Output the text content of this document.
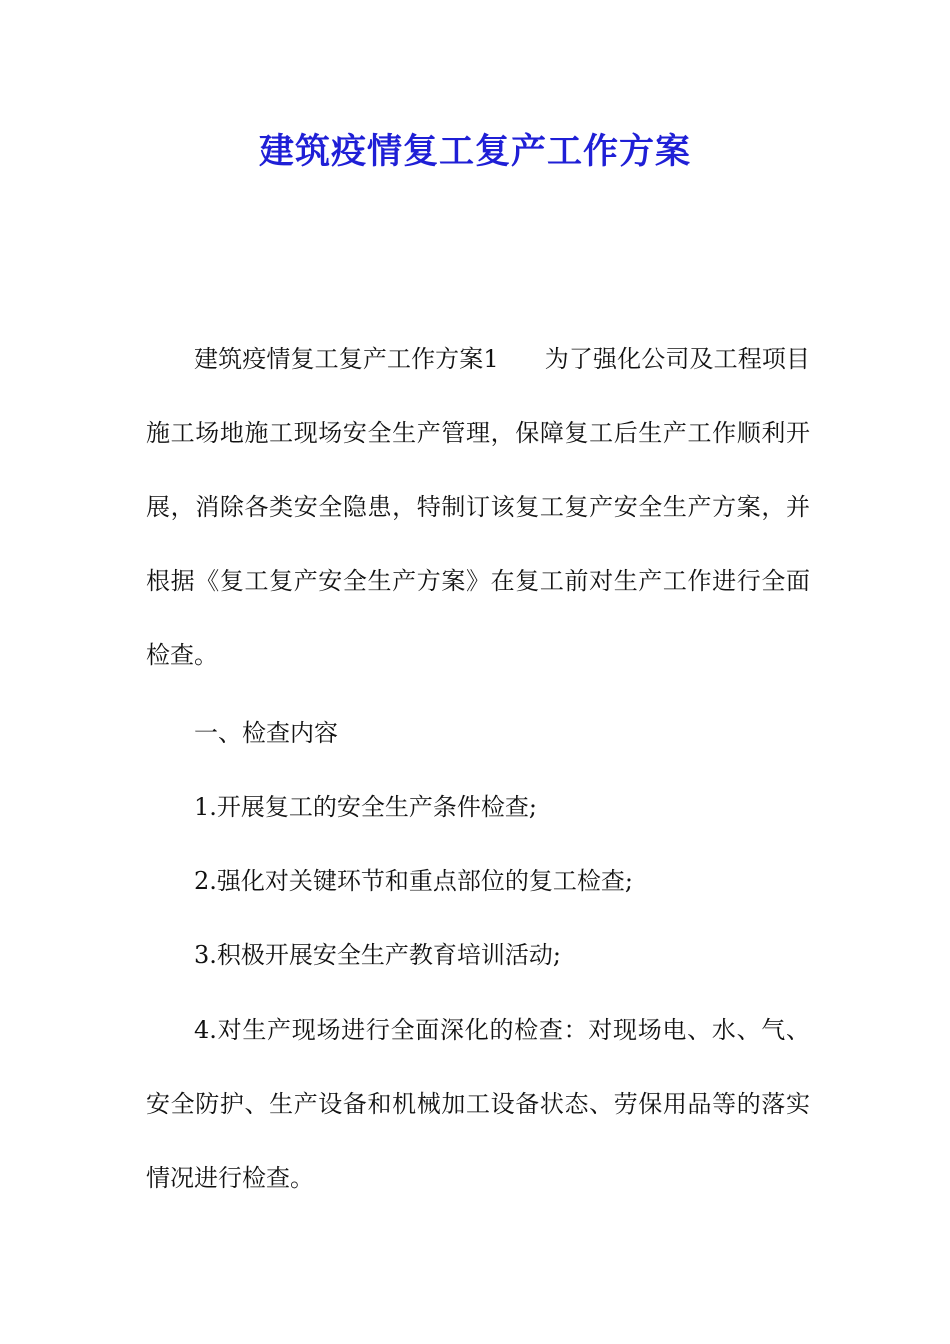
建筑疫情复工复产工作方案

建筑疫情复工复产工作方案1 为了强化公司及工程项目施工场地施工现场安全生产管理，保障复工后生产工作顺利开展，消除各类安全隐患，特制订该复工复产安全生产方案，并根据《复工复产安全生产方案》在复工前对生产工作进行全面检查。

一、检查内容

1.开展复工的安全生产条件检查;

2.强化对关键环节和重点部位的复工检查;

3.积极开展安全生产教育培训活动;

4.对生产现场进行全面深化的检查：对现场电、水、气、安全防护、生产设备和机械加工设备状态、劳保用品等的落实情况进行检查。
